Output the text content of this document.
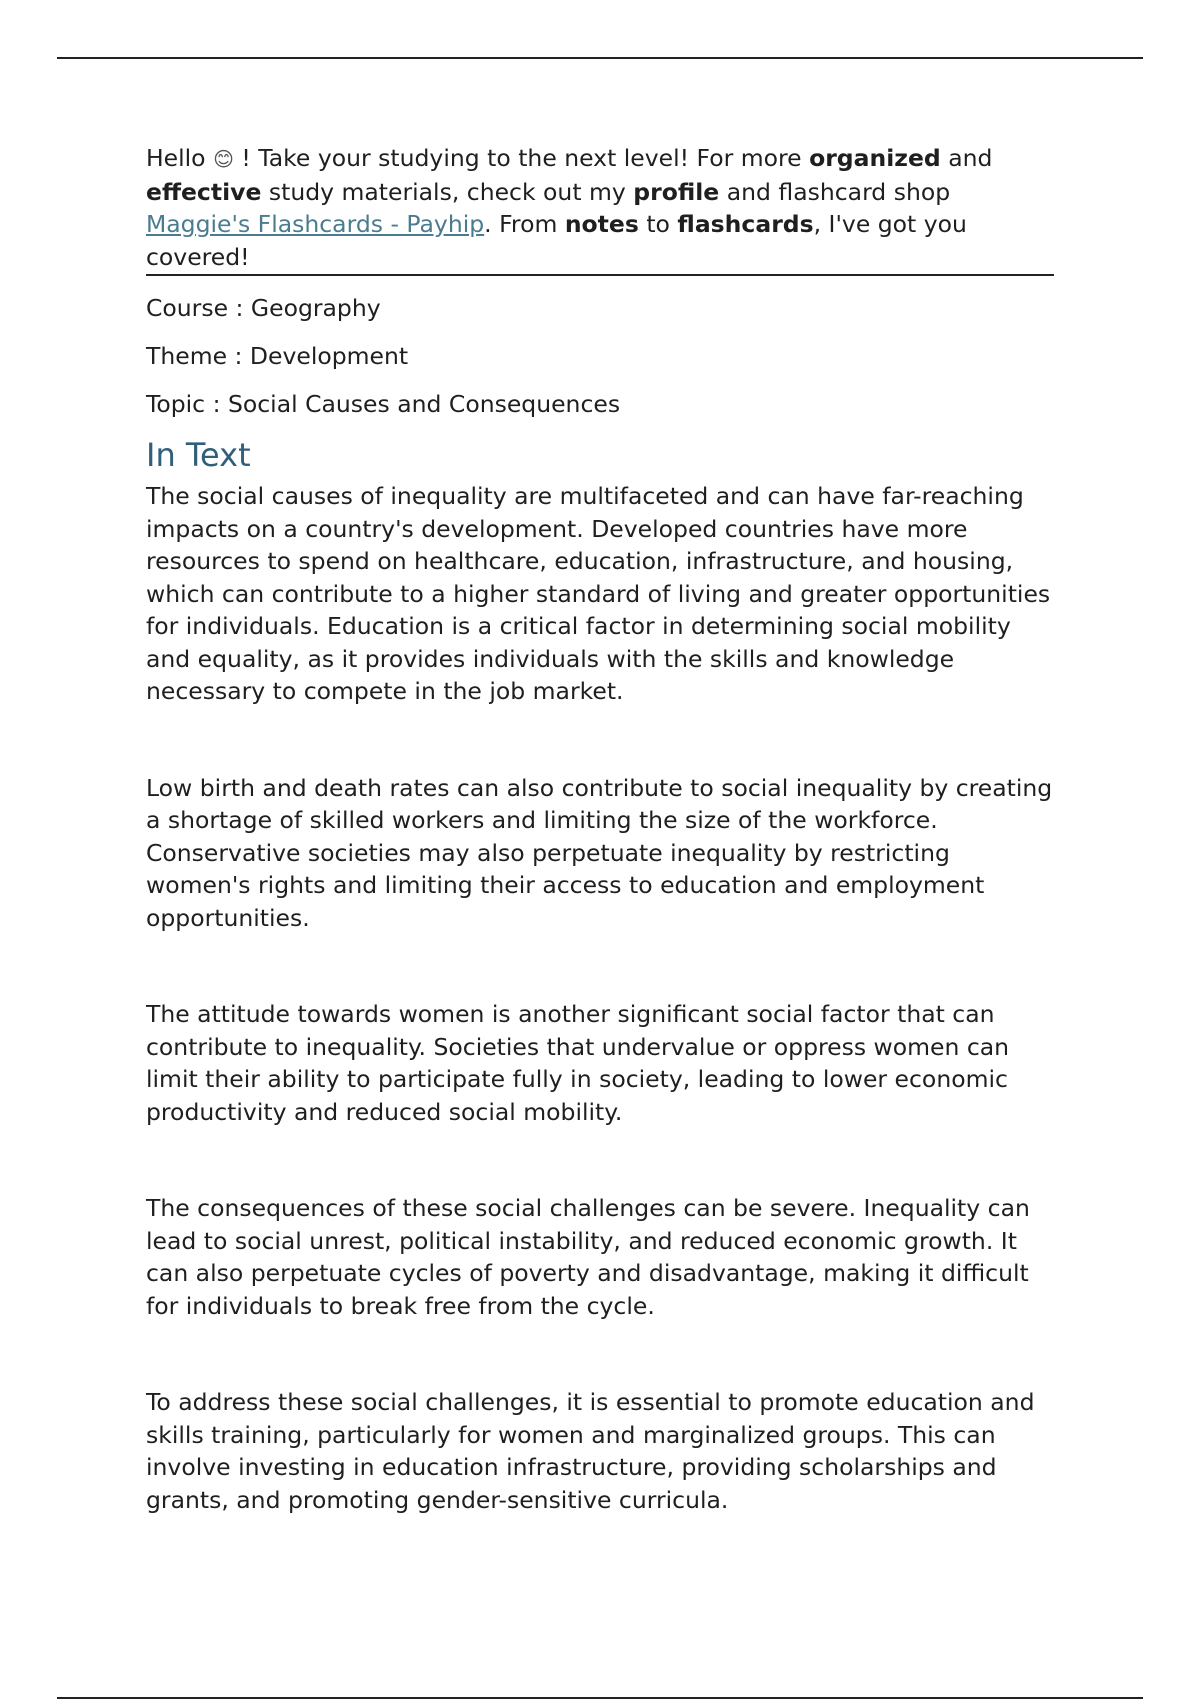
Hello 😊 ! Take your studying to the next level! For more organized and effective study materials, check out my profile and flashcard shop Maggie's Flashcards - Payhip. From notes to flashcards, I've got you covered!

Course : Geography

Theme : Development

Topic : Social Causes and Consequences

In Text

The social causes of inequality are multifaceted and can have far-reaching impacts on a country's development. Developed countries have more resources to spend on healthcare, education, infrastructure, and housing, which can contribute to a higher standard of living and greater opportunities for individuals. Education is a critical factor in determining social mobility and equality, as it provides individuals with the skills and knowledge necessary to compete in the job market.

Low birth and death rates can also contribute to social inequality by creating a shortage of skilled workers and limiting the size of the workforce. Conservative societies may also perpetuate inequality by restricting women's rights and limiting their access to education and employment opportunities.

The attitude towards women is another significant social factor that can contribute to inequality. Societies that undervalue or oppress women can limit their ability to participate fully in society, leading to lower economic productivity and reduced social mobility.

The consequences of these social challenges can be severe. Inequality can lead to social unrest, political instability, and reduced economic growth. It can also perpetuate cycles of poverty and disadvantage, making it difficult for individuals to break free from the cycle.

To address these social challenges, it is essential to promote education and skills training, particularly for women and marginalized groups. This can involve investing in education infrastructure, providing scholarships and grants, and promoting gender-sensitive curricula.
